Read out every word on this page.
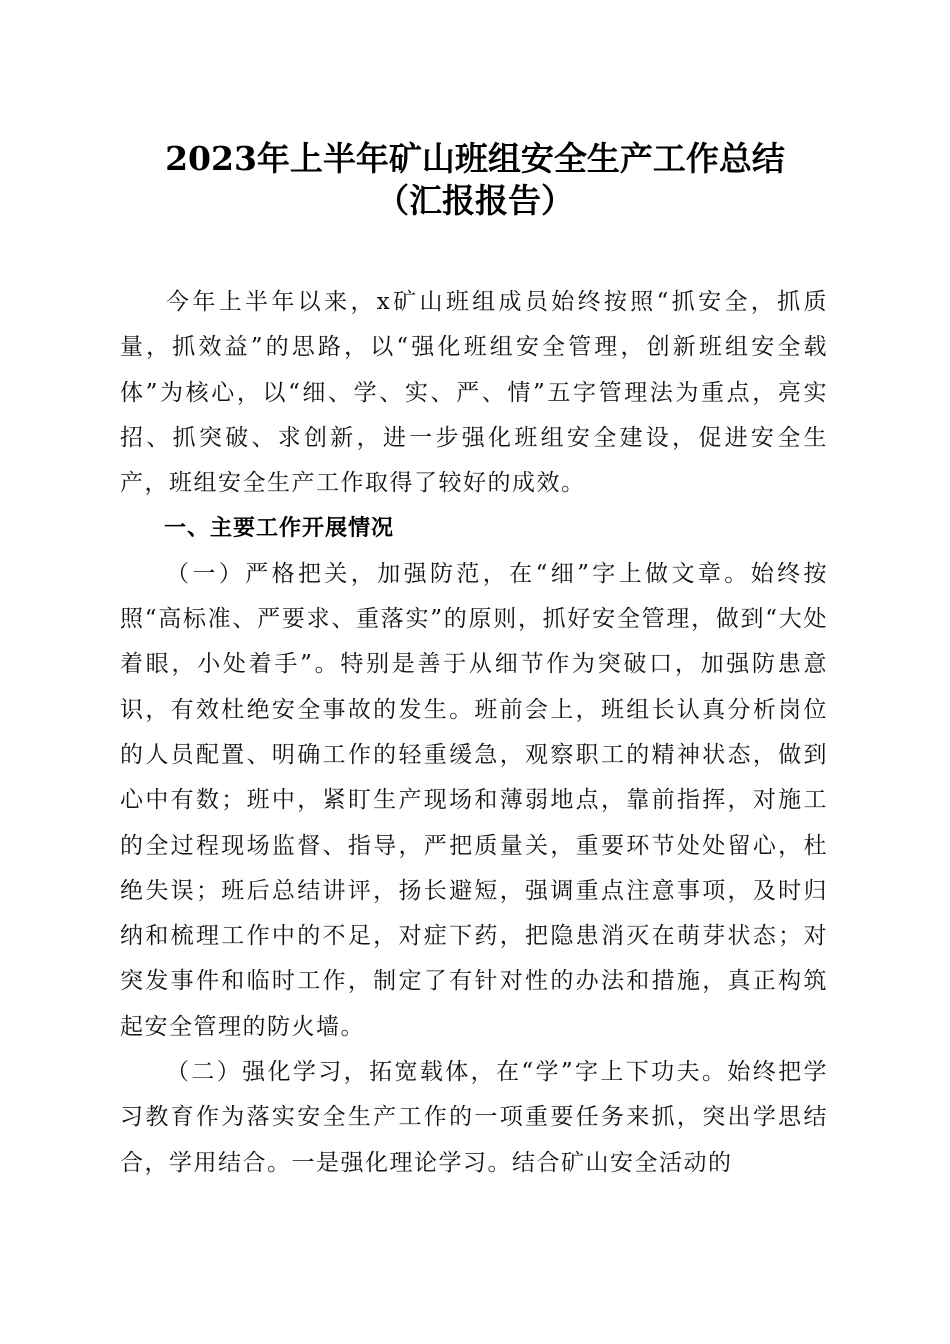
2023年上半年矿山班组安全生产工作总结
（汇报报告）

今年上半年以来，x矿山班组成员始终按照“抓安全，抓质量，抓效益”的思路，以“强化班组安全管理，创新班组安全载体”为核心，以“细、学、实、严、情”五字管理法为重点，亮实招、抓突破、求创新，进一步强化班组安全建设，促进安全生产，班组安全生产工作取得了较好的成效。

一、主要工作开展情况

（一）严格把关，加强防范，在“细”字上做文章。始终按照“高标准、严要求、重落实”的原则，抓好安全管理，做到“大处着眼，小处着手”。特别是善于从细节作为突破口，加强防患意识，有效杜绝安全事故的发生。班前会上，班组长认真分析岗位的人员配置、明确工作的轻重缓急，观察职工的精神状态，做到心中有数；班中，紧盯生产现场和薄弱地点，靠前指挥，对施工的全过程现场监督、指导，严把质量关，重要环节处处留心，杜绝失误；班后总结讲评，扬长避短，强调重点注意事项，及时归纳和梳理工作中的不足，对症下药，把隐患消灭在萌芽状态；对突发事件和临时工作，制定了有针对性的办法和措施，真正构筑起安全管理的防火墙。

（二）强化学习，拓宽载体，在“学”字上下功夫。始终把学习教育作为落实安全生产工作的一项重要任务来抓，突出学思结合，学用结合。一是强化理论学习。结合矿山安全活动的
